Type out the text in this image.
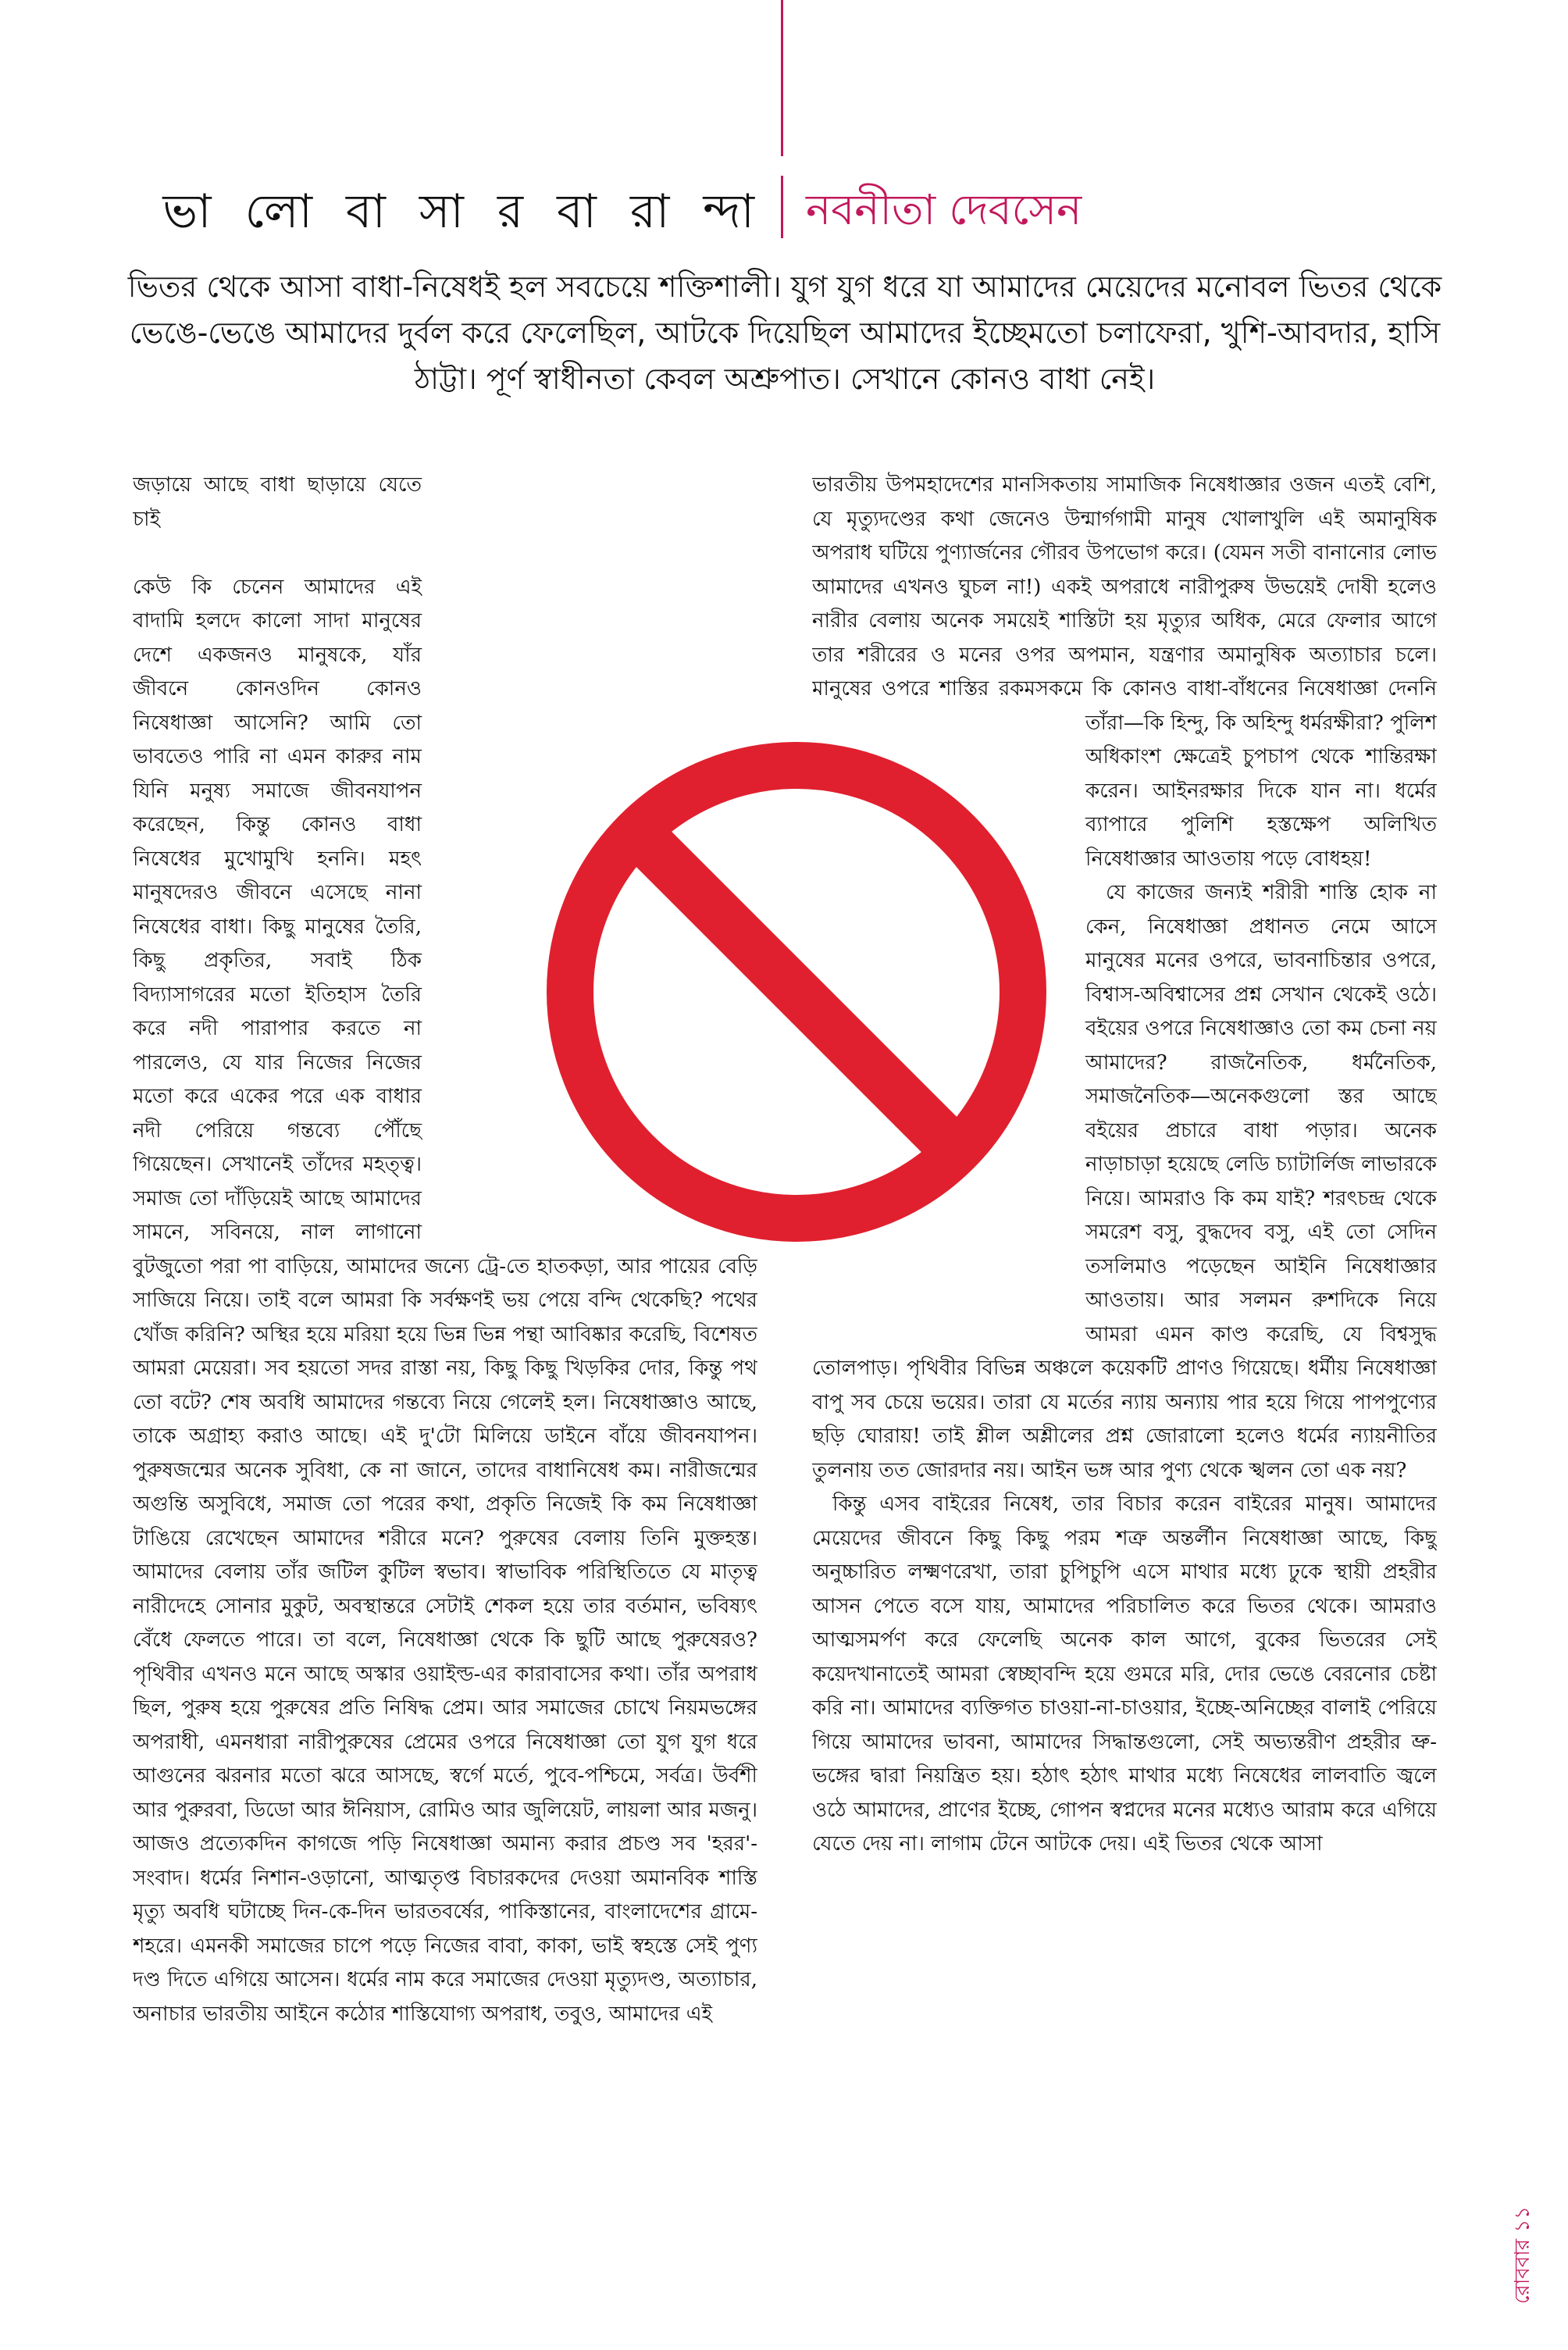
ভা লো বা সা র বা রা ন্দা নবনীতা দেবসেন
ভিতর থেকে আসা বাধা-নিষেধই হল সবচেয়ে শক্তিশালী। যুগ যুগ ধরে যা আমাদের মেয়েদের মনোবল ভিতর থেকে ভেঙে-ভেঙে আমাদের দুর্বল করে ফেলেছিল, আটকে দিয়েছিল আমাদের ইচ্ছেমতো চলাফেরা, খুশি-আবদার, হাসি ঠাট্টা। পূর্ণ স্বাধীনতা কেবল অশ্রুপাত। সেখানে কোনও বাধা নেই।

জড়ায়ে আছে বাধা ছাড়ায়ে যেতে চাই

কেউ কি চেনেন আমাদের এই বাদামি হলদে কালো সাদা মানুষের দেশে একজনও মানুষকে, যাঁর জীবনে কোনওদিন কোনও নিষেধাজ্ঞা আসেনি? আমি তো ভাবতেও পারি না এমন কারুর নাম যিনি মনুষ্য সমাজে জীবনযাপন করেছেন, কিন্তু কোনও বাধা নিষেধের মুখোমুখি হননি। মহৎ মানুষদেরও জীবনে এসেছে নানা নিষেধের বাধা। কিছু মানুষের তৈরি, কিছু প্রকৃতির, সবাই ঠিক বিদ্যাসাগরের মতো ইতিহাস তৈরি করে নদী পারাপার করতে না পারলেও, যে যার নিজের নিজের মতো করে একের পরে এক বাধার নদী পেরিয়ে গন্তব্যে পৌঁছে গিয়েছেন। সেখানেই তাঁদের মহত্ত্ব। সমাজ তো দাঁড়িয়েই আছে আমাদের সামনে, সবিনয়ে, নাল লাগানো বুটজুতো পরা পা বাড়িয়ে, আমাদের জন্যে ট্রে-তে হাতকড়া, আর পায়ের বেড়ি সাজিয়ে নিয়ে। তাই বলে আমরা কি সর্বক্ষণই ভয় পেয়ে বন্দি থেকেছি? পথের খোঁজ করিনি? অস্থির হয়ে মরিয়া হয়ে ভিন্ন ভিন্ন পন্থা আবিষ্কার করেছি, বিশেষত আমরা মেয়েরা। সব হয়তো সদর রাস্তা নয়, কিছু কিছু খিড়কির দোর, কিন্তু পথ তো বটে? শেষ অবধি আমাদের গন্তব্যে নিয়ে গেলেই হল। নিষেধাজ্ঞাও আছে, তাকে অগ্রাহ্য করাও আছে। এই দু'টো মিলিয়ে ডাইনে বাঁয়ে জীবনযাপন। পুরুষজন্মের অনেক সুবিধা, কে না জানে, তাদের বাধানিষেধ কম। নারীজন্মের অগুন্তি অসুবিধে, সমাজ তো পরের কথা, প্রকৃতি নিজেই কি কম নিষেধাজ্ঞা টাঙিয়ে রেখেছেন আমাদের শরীরে মনে? পুরুষের বেলায় তিনি মুক্তহস্ত। আমাদের বেলায় তাঁর জটিল কুটিল স্বভাব। স্বাভাবিক পরিস্থিতিতে যে মাতৃত্ব নারীদেহে সোনার মুকুট, অবস্থান্তরে সেটাই শেকল হয়ে তার বর্তমান, ভবিষ্যৎ বেঁধে ফেলতে পারে। তা বলে, নিষেধাজ্ঞা থেকে কি ছুটি আছে পুরুষেরও? পৃথিবীর এখনও মনে আছে অস্কার ওয়াইল্ড-এর কারাবাসের কথা। তাঁর অপরাধ ছিল, পুরুষ হয়ে পুরুষের প্রতি নিষিদ্ধ প্রেম। আর সমাজের চোখে নিয়মভঙ্গের অপরাধী, এমনধারা নারীপুরুষের প্রেমের ওপরে নিষেধাজ্ঞা তো যুগ যুগ ধরে আগুনের ঝরনার মতো ঝরে আসছে, স্বর্গে মর্তে, পুবে-পশ্চিমে, সর্বত্র। উর্বশী আর পুরুরবা, ডিডো আর ঈনিয়াস, রোমিও আর জুলিয়েট, লায়লা আর মজনু। আজও প্রত্যেকদিন কাগজে পড়ি নিষেধাজ্ঞা অমান্য করার প্রচণ্ড সব 'হরর'-সংবাদ। ধর্মের নিশান-ওড়ানো, আত্মতৃপ্ত বিচারকদের দেওয়া অমানবিক শাস্তি মৃত্যু অবধি ঘটাচ্ছে দিন-কে-দিন ভারতবর্ষের, পাকিস্তানের, বাংলাদেশের গ্রামে-শহরে। এমনকী সমাজের চাপে পড়ে নিজের বাবা, কাকা, ভাই স্বহস্তে সেই পুণ্য দণ্ড দিতে এগিয়ে আসেন। ধর্মের নাম করে সমাজের দেওয়া মৃত্যুদণ্ড, অত্যাচার, অনাচার ভারতীয় আইনে কঠোর শাস্তিযোগ্য অপরাধ, তবুও, আমাদের এই

ভারতীয় উপমহাদেশের মানসিকতায় সামাজিক নিষেধাজ্ঞার ওজন এতই বেশি, যে মৃত্যুদণ্ডের কথা জেনেও উন্মার্গগামী মানুষ খোলাখুলি এই অমানুষিক অপরাধ ঘটিয়ে পুণ্যার্জনের গৌরব উপভোগ করে। (যেমন সতী বানানোর লোভ আমাদের এখনও ঘুচল না!) একই অপরাধে নারীপুরুষ উভয়েই দোষী হলেও নারীর বেলায় অনেক সময়েই শাস্তিটা হয় মৃত্যুর অধিক, মেরে ফেলার আগে তার শরীরের ও মনের ওপর অপমান, যন্ত্রণার অমানুষিক অত্যাচার চলে। মানুষের ওপরে শাস্তির রকমসকমে কি কোনও বাধা-বাঁধনের নিষেধাজ্ঞা দেননি তাঁরা—কি হিন্দু, কি অহিন্দু ধর্মরক্ষীরা? পুলিশ অধিকাংশ ক্ষেত্রেই চুপচাপ থেকে শান্তিরক্ষা করেন। আইনরক্ষার দিকে যান না। ধর্মের ব্যাপারে পুলিশি হস্তক্ষেপ অলিখিত নিষেধাজ্ঞার আওতায় পড়ে বোধহয়!

যে কাজের জন্যই শরীরী শাস্তি হোক না কেন, নিষেধাজ্ঞা প্রধানত নেমে আসে মানুষের মনের ওপরে, ভাবনাচিন্তার ওপরে, বিশ্বাস-অবিশ্বাসের প্রশ্ন সেখান থেকেই ওঠে। বইয়ের ওপরে নিষেধাজ্ঞাও তো কম চেনা নয় আমাদের? রাজনৈতিক, ধর্মনৈতিক, সমাজনৈতিক—অনেকগুলো স্তর আছে বইয়ের প্রচারে বাধা পড়ার। অনেক নাড়াচাড়া হয়েছে লেডি চ্যাটার্লিজ লাভারকে নিয়ে। আমরাও কি কম যাই? শরৎচন্দ্র থেকে সমরেশ বসু, বুদ্ধদেব বসু, এই তো সেদিন তসলিমাও পড়েছেন আইনি নিষেধাজ্ঞার আওতায়। আর সলমন রুশদিকে নিয়ে আমরা এমন কাণ্ড করেছি, যে বিশ্বসুদ্ধ তোলপাড়। পৃথিবীর বিভিন্ন অঞ্চলে কয়েকটি প্রাণও গিয়েছে। ধর্মীয় নিষেধাজ্ঞা বাপু সব চেয়ে ভয়ের। তারা যে মর্তের ন্যায় অন্যায় পার হয়ে গিয়ে পাপপুণ্যের ছড়ি ঘোরায়! তাই শ্লীল অশ্লীলের প্রশ্ন জোরালো হলেও ধর্মের ন্যায়নীতির তুলনায় তত জোরদার নয়। আইন ভঙ্গ আর পুণ্য থেকে স্খলন তো এক নয়?

কিন্তু এসব বাইরের নিষেধ, তার বিচার করেন বাইরের মানুষ। আমাদের মেয়েদের জীবনে কিছু কিছু পরম শত্রু অন্তর্লীন নিষেধাজ্ঞা আছে, কিছু অনুচ্চারিত লক্ষ্মণরেখা, তারা চুপিচুপি এসে মাথার মধ্যে ঢুকে স্থায়ী প্রহরীর আসন পেতে বসে যায়, আমাদের পরিচালিত করে ভিতর থেকে। আমরাও আত্মসমর্পণ করে ফেলেছি অনেক কাল আগে, বুকের ভিতরের সেই কয়েদখানাতেই আমরা স্বেচ্ছাবন্দি হয়ে গুমরে মরি, দোর ভেঙে বেরনোর চেষ্টা করি না। আমাদের ব্যক্তিগত চাওয়া-না-চাওয়ার, ইচ্ছে-অনিচ্ছের বালাই পেরিয়ে গিয়ে আমাদের ভাবনা, আমাদের সিদ্ধান্তগুলো, সেই অভ্যন্তরীণ প্রহরীর ভ্রু-ভঙ্গের দ্বারা নিয়ন্ত্রিত হয়। হঠাৎ হঠাৎ মাথার মধ্যে নিষেধের লালবাতি জ্বলে ওঠে আমাদের, প্রাণের ইচ্ছে, গোপন স্বপ্নদের মনের মধ্যেও আরাম করে এগিয়ে যেতে দেয় না। লাগাম টেনে আটকে দেয়। এই ভিতর থেকে আসা

রোববার ১১
